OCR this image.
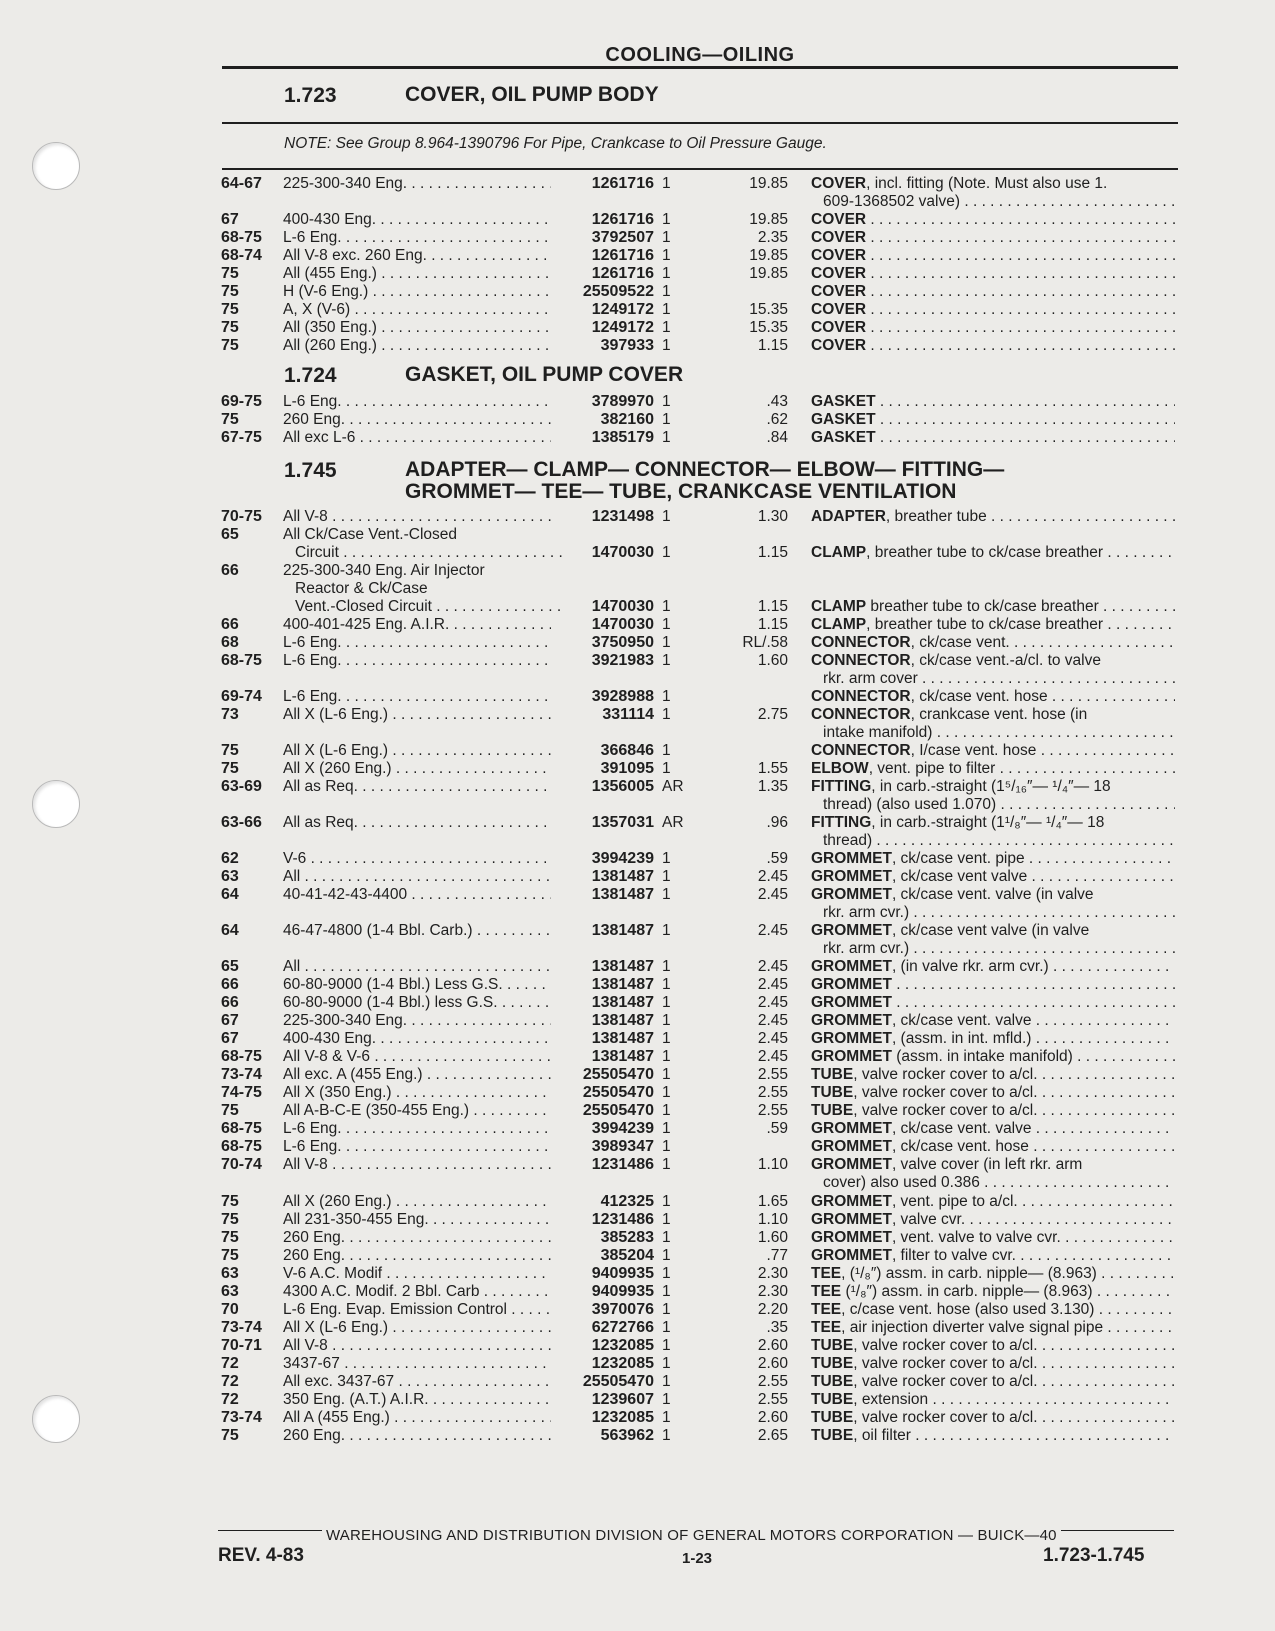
COOLING—OILING
1.723	COVER, OIL PUMP BODY
NOTE: See Group 8.964-1390796 For Pipe, Crankcase to Oil Pressure Gauge.
64-67 225-300-340 Eng. . . .	1261716 1	19.85 COVER, incl. fitting (Note. Must also use 1.
609-1368502 valve) . . .
67	400-430 Eng. . . .	1261716 1	19.85 COVER . . .
68-75 L-6 Eng. . . .	3792507 1	2.35 COVER . . .
68-74 All V-8 exc. 260 Eng. . . .	1261716 1	19.85 COVER . . .
75	All (455 Eng.) . . .	1261716 1	19.85 COVER . . .
75	H (V-6 Eng.) . . .	25509522 1	COVER . . .
75	A, X (V-6) . . .	1249172 1	15.35 COVER . . .
75	All (350 Eng.) . . .	1249172 1	15.35 COVER . . .
75	All (260 Eng.) . . .	397933 1	1.15 COVER . . .
1.724	GASKET, OIL PUMP COVER
69-75 L-6 Eng. . . .	3789970 1	.43 GASKET . . .
75	260 Eng. . . .	382160 1	.62 GASKET . . .
67-75 All exc L-6 . . .	1385179 1	.84 GASKET . . .
1.745	ADAPTER— CLAMP— CONNECTOR— ELBOW— FITTING—
GROMMET— TEE— TUBE, CRANKCASE VENTILATION
70-75 All V-8 . . .	1231498 1	1.30 ADAPTER, breather tube . . .
65	All Ck/Case Vent.-Closed
Circuit . . .	1470030 1	1.15 CLAMP, breather tube to ck/case breather . . .
66	225-300-340 Eng. Air Injector
Reactor & Ck/Case
Vent.-Closed Circuit . . .	1470030 1	1.15 CLAMP breather tube to ck/case breather . . .
66	400-401-425 Eng. A.I.R. . . .	1470030 1	1.15 CLAMP, breather tube to ck/case breather . . .
68	L-6 Eng. . . .	3750950 1	RL/.58 CONNECTOR, ck/case vent. . . .
68-75 L-6 Eng. . . .	3921983 1	1.60 CONNECTOR, ck/case vent.-a/cl. to valve
rkr. arm cover . . .
69-74 L-6 Eng. . . .	3928988 1	CONNECTOR, ck/case vent. hose . . .
73	All X (L-6 Eng.) . . .	331114 1	2.75 CONNECTOR, crankcase vent. hose (in
intake manifold) . . .
75	All X (L-6 Eng.) . . .	366846 1	CONNECTOR, I/case vent. hose . . .
75	All X (260 Eng.) . . .	391095 1	1.55 ELBOW, vent. pipe to filter . . .
63-69 All as Req. . . .	1356005 AR	1.35 FITTING, in carb.-straight (1⁵/₁₆″— ¹/₄″— 18
thread) (also used 1.070) . . .
63-66 All as Req. . . .	1357031 AR	.96 FITTING, in carb.-straight (1¹/₈″— ¹/₄″— 18
thread) . . .
62	V-6 . . .	3994239 1	.59 GROMMET, ck/case vent. pipe . . .
63	All . . .	1381487 1	2.45 GROMMET, ck/case vent valve . . .
64	40-41-42-43-4400 . . .	1381487 1	2.45 GROMMET, ck/case vent. valve (in valve
rkr. arm cvr.) . . .
64	46-47-4800 (1-4 Bbl. Carb.) . . .	1381487 1	2.45 GROMMET, ck/case vent valve (in valve
rkr. arm cvr.) . . .
65	All . . .	1381487 1	2.45 GROMMET, (in valve rkr. arm cvr.) . . .
66	60-80-9000 (1-4 Bbl.) Less G.S. . . .	1381487 1	2.45 GROMMET . . .
66	60-80-9000 (1-4 Bbl.) less G.S. . . .	1381487 1	2.45 GROMMET . . .
67	225-300-340 Eng. . . .	1381487 1	2.45 GROMMET, ck/case vent. valve . . .
67	400-430 Eng. . . .	1381487 1	2.45 GROMMET, (assm. in int. mfld.) . . .
68-75 All V-8 & V-6 . . .	1381487 1	2.45 GROMMET (assm. in intake manifold) . . .
73-74 All exc. A (455 Eng.) . . .	25505470 1	2.55 TUBE, valve rocker cover to a/cl. . . .
74-75 All X (350 Eng.) . . .	25505470 1	2.55 TUBE, valve rocker cover to a/cl. . . .
75	All A-B-C-E (350-455 Eng.) . . .	25505470 1	2.55 TUBE, valve rocker cover to a/cl. . . .
68-75 L-6 Eng. . . .	3994239 1	.59 GROMMET, ck/case vent. valve . . .
68-75 L-6 Eng. . . .	3989347 1	GROMMET, ck/case vent. hose . . .
70-74 All V-8 . . .	1231486 1	1.10 GROMMET, valve cover (in left rkr. arm
cover) also used 0.386 . . .
75	All X (260 Eng.) . . .	412325 1	1.65 GROMMET, vent. pipe to a/cl. . . .
75	All 231-350-455 Eng. . . .	1231486 1	1.10 GROMMET, valve cvr. . . .
75	260 Eng. . . .	385283 1	1.60 GROMMET, vent. valve to valve cvr. . . .
75	260 Eng. . . .	385204 1	.77 GROMMET, filter to valve cvr. . . .
63	V-6 A.C. Modif . . .	9409935 1	2.30 TEE, (¹/₈″) assm. in carb. nipple— (8.963) . . .
63	4300 A.C. Modif. 2 Bbl. Carb . . .	9409935 1	2.30 TEE (¹/₈″) assm. in carb. nipple— (8.963) . . .
70	L-6 Eng. Evap. Emission Control . . .	3970076 1	2.20 TEE, c/case vent. hose (also used 3.130) . . .
73-74 All X (L-6 Eng.) . . .	6272766 1	.35 TEE, air injection diverter valve signal pipe . . .
70-71 All V-8 . . .	1232085 1	2.60 TUBE, valve rocker cover to a/cl. . . .
72	3437-67 . . .	1232085 1	2.60 TUBE, valve rocker cover to a/cl. . . .
72	All exc. 3437-67 . . .	25505470 1	2.55 TUBE, valve rocker cover to a/cl. . . .
72	350 Eng. (A.T.) A.I.R. . . .	1239607 1	2.55 TUBE, extension . . .
73-74 All A (455 Eng.) . . .	1232085 1	2.60 TUBE, valve rocker cover to a/cl. . . .
75	260 Eng. . . .	563962 1	2.65 TUBE, oil filter . . .
WAREHOUSING AND DISTRIBUTION DIVISION OF GENERAL MOTORS CORPORATION — BUICK—40
REV. 4-83	1-23	1.723-1.745
